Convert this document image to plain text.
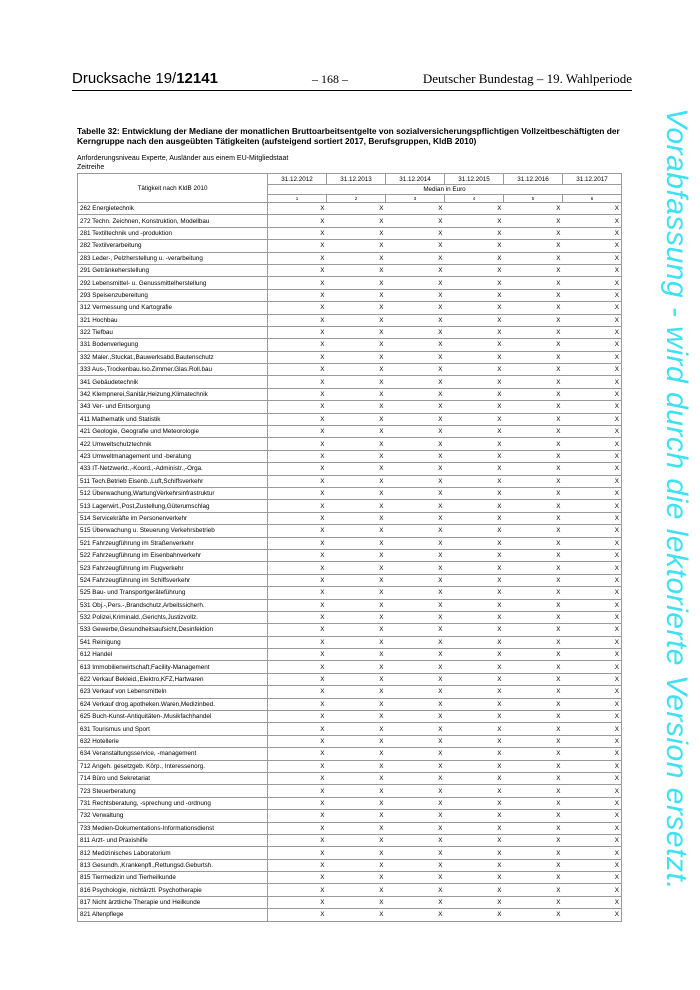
Drucksache 19/12141	– 168 –	Deutscher Bundestag – 19. Wahlperiode
Tabelle 32: Entwicklung der Mediane der monatlichen Bruttoarbeitsentgelte von sozialversicherungspflichtigen Vollzeitbeschäftigten der Kerngruppe nach den ausgeübten Tätigkeiten (aufsteigend sortiert 2017, Berufsgruppen, KldB 2010)
Anforderungsniveau Experte, Ausländer aus einem EU-Mitgliedstaat
Zeitreihe
Tätigkeit nach KldB 2010	31.12.2012	31.12.2013	31.12.2014	31.12.2015	31.12.2016	31.12.2017
	Median in Euro					
	1	2	3	4	5	6
262 Energietechnik	X	X	X	X	X	X
272 Techn. Zeichnen, Konstruktion, Modellbau	X	X	X	X	X	X
281 Textiltechnik und -produktion	X	X	X	X	X	X
282 Textilverarbeitung	X	X	X	X	X	X
283 Leder-, Pelzherstellung u. -verarbeitung	X	X	X	X	X	X
291 Getränkeherstellung	X	X	X	X	X	X
292 Lebensmittel- u. Genussmittelherstellung	X	X	X	X	X	X
293 Speisenzubereitung	X	X	X	X	X	X
312 Vermessung und Kartografie	X	X	X	X	X	X
321 Hochbau	X	X	X	X	X	X
322 Tiefbau	X	X	X	X	X	X
331 Bodenverlegung	X	X	X	X	X	X
332 Maler.,Stuckat.,Bauwerksabd.Bautenschutz	X	X	X	X	X	X
333 Aus-,Trockenbau.Iso.Zimmer.Glas.Roll.bau	X	X	X	X	X	X
341 Gebäudetechnik	X	X	X	X	X	X
342 Klempnerei,Sanitär,Heizung,Klimatechnik	X	X	X	X	X	X
343 Ver- und Entsorgung	X	X	X	X	X	X
411 Mathematik und Statistik	X	X	X	X	X	X
421 Geologie, Geografie und Meteorologie	X	X	X	X	X	X
422 Umweltschutztechnik	X	X	X	X	X	X
423 Umweltmanagement und -beratung	X	X	X	X	X	X
433 IT-Netzwerkt.,-Koord.,-Administr.,-Orga.	X	X	X	X	X	X
511 Tech.Betrieb Eisenb.,Luft,Schiffsverkehr	X	X	X	X	X	X
512 Überwachung,WartungVerkehrsinfrastruktur	X	X	X	X	X	X
513 Lagerwirt.,Post,Zustellung,Güterumschlag	X	X	X	X	X	X
514 Servicekräfte im Personenverkehr	X	X	X	X	X	X
515 Überwachung u. Steuerung Verkehrsbetrieb	X	X	X	X	X	X
521 Fahrzeugführung im Straßenverkehr	X	X	X	X	X	X
522 Fahrzeugführung im Eisenbahnverkehr	X	X	X	X	X	X
523 Fahrzeugführung im Flugverkehr	X	X	X	X	X	X
524 Fahrzeugführung im Schiffsverkehr	X	X	X	X	X	X
525 Bau- und Transportgeräteführung	X	X	X	X	X	X
531 Obj.-,Pers.-,Brandschutz,Arbeitssicherh.	X	X	X	X	X	X
532 Polizei,Kriminald.,Gerichts,Justizvollz.	X	X	X	X	X	X
533 Gewerbe,Gesundheitsaufsicht,Desinfektion	X	X	X	X	X	X
541 Reinigung	X	X	X	X	X	X
612 Handel	X	X	X	X	X	X
613 Immobilienwirtschaft,Facility-Management	X	X	X	X	X	X
622 Verkauf Beklеid.,Elektro,KFZ,Hartwaren	X	X	X	X	X	X
623 Verkauf von Lebensmitteln	X	X	X	X	X	X
624 Verkauf drog.apotheken.Waren,Medizinbed.	X	X	X	X	X	X
625 Buch-Kunst-Antiquitäten-,Musikfachhandel	X	X	X	X	X	X
631 Tourismus und Sport	X	X	X	X	X	X
632 Hotellerie	X	X	X	X	X	X
634 Veranstaltungsservice, -management	X	X	X	X	X	X
712 Angeh. gesetzgeb. Körp., Interessenorg.	X	X	X	X	X	X
714 Büro und Sekretariat	X	X	X	X	X	X
723 Steuerberatung	X	X	X	X	X	X
731 Rechtsberatung, -sprechung und -ordnung	X	X	X	X	X	X
732 Verwaltung	X	X	X	X	X	X
733 Medien-Dokumentations-Informationsdienst	X	X	X	X	X	X
811 Arzt- und Praxishilfe	X	X	X	X	X	X
812 Medizinisches Laboratorium	X	X	X	X	X	X
813 Gesundh.,Krankenpfl.,Rettungsd.Geburtsh.	X	X	X	X	X	X
815 Tiermedizin und Tierheilkunde	X	X	X	X	X	X
816 Psychologie, nichtärztl. Psychotherapie	X	X	X	X	X	X
817 Nicht ärztliche Therapie und Heilkunde	X	X	X	X	X	X
821 Altenpflege	X	X	X	X	X	X
Vorabfassung - wird durch die lektorierte Version ersetzt.
